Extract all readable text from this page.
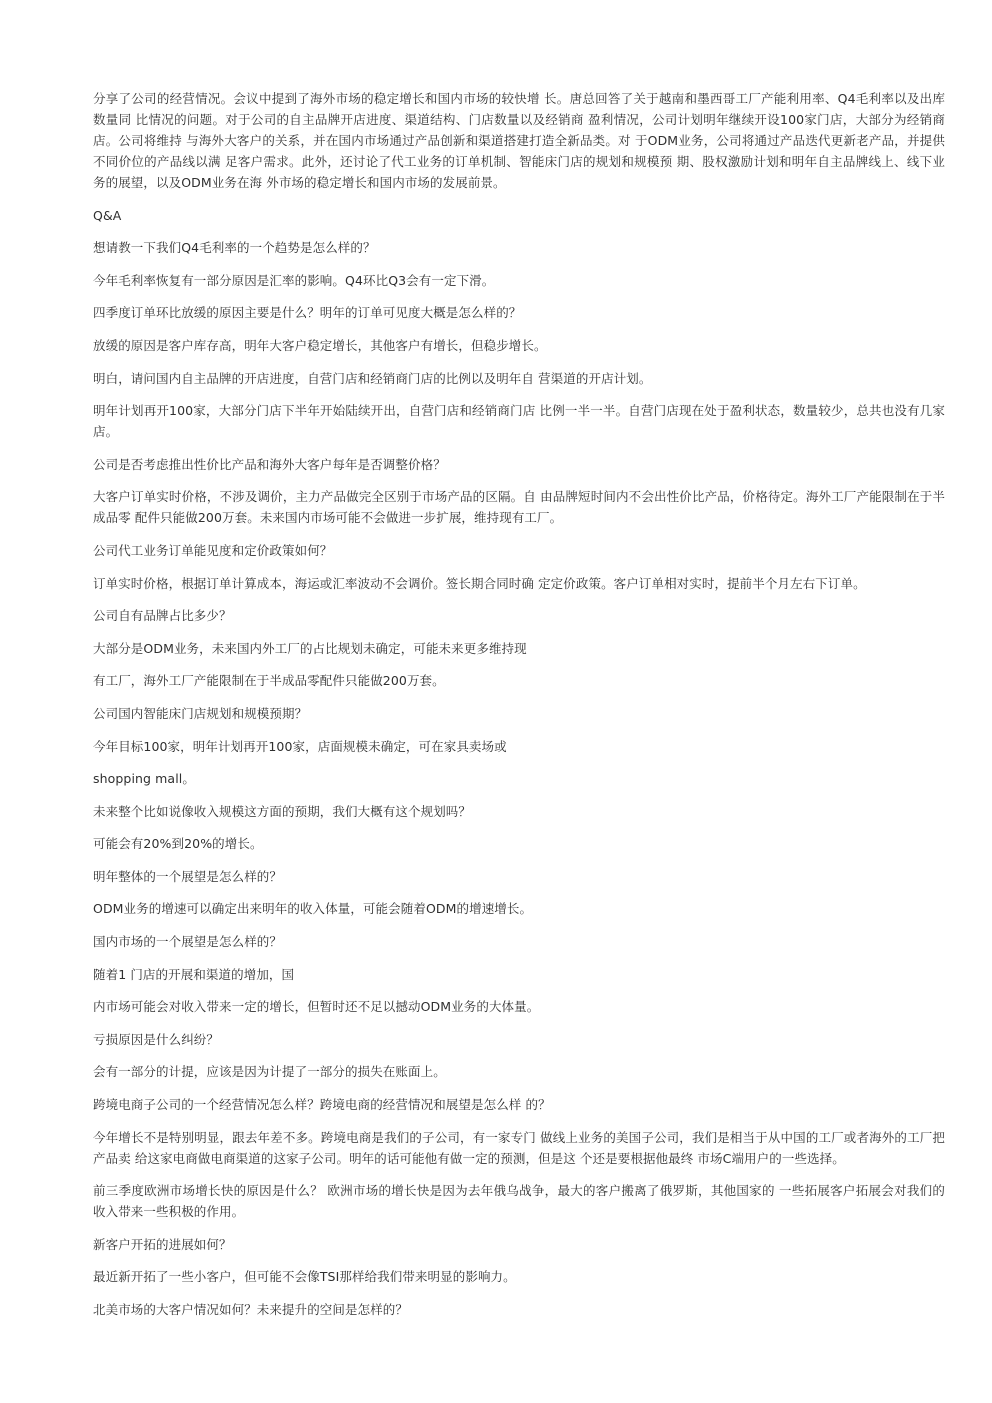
分享了公司的经营情况。会议中提到了海外市场的稳定增长和国内市场的较快增 长。唐总回答了关于越南和墨西哥工厂产能利用率、Q4毛利率以及出库数量同 比情况的问题。对于公司的自主品牌开店进度、渠道结构、门店数量以及经销商 盈利情况，公司计划明年继续开设100家门店，大部分为经销商店。公司将维持 与海外大客户的关系，并在国内市场通过产品创新和渠道搭建打造全新品类。对 于ODM业务，公司将通过产品迭代更新老产品，并提供不同价位的产品线以满 足客户需求。此外，还讨论了代工业务的订单机制、智能床门店的规划和规模预 期、股权激励计划和明年自主品牌线上、线下业务的展望，以及ODM业务在海 外市场的稳定增长和国内市场的发展前景。

Q&A

想请教一下我们Q4毛利率的一个趋势是怎么样的？

今年毛利率恢复有一部分原因是汇率的影响。Q4环比Q3会有一定下滑。

四季度订单环比放缓的原因主要是什么？明年的订单可见度大概是怎么样的？

放缓的原因是客户库存高，明年大客户稳定增长，其他客户有增长，但稳步增长。

明白，请问国内自主品牌的开店进度，自营门店和经销商门店的比例以及明年自 营渠道的开店计划。

明年计划再开100家，大部分门店下半年开始陆续开出，自营门店和经销商门店 比例一半一半。自营门店现在处于盈利状态，数量较少，总共也没有几家店。

公司是否考虑推出性价比产品和海外大客户每年是否调整价格？

大客户订单实时价格，不涉及调价，主力产品做完全区别于市场产品的区隔。自 由品牌短时间内不会出性价比产品，价格待定。海外工厂产能限制在于半成品零 配件只能做200万套。未来国内市场可能不会做进一步扩展，维持现有工厂。

公司代工业务订单能见度和定价政策如何？

订单实时价格，根据订单计算成本，海运或汇率波动不会调价。签长期合同时确 定定价政策。客户订单相对实时，提前半个月左右下订单。

公司自有品牌占比多少？

大部分是ODM业务，未来国内外工厂的占比规划未确定，可能未来更多维持现

有工厂，海外工厂产能限制在于半成品零配件只能做200万套。

公司国内智能床门店规划和规模预期？

今年目标100家，明年计划再开100家，店面规模未确定，可在家具卖场或

shopping mall。

未来整个比如说像收入规模这方面的预期，我们大概有这个规划吗？

可能会有20%到20%的增长。

明年整体的一个展望是怎么样的？

ODM业务的增速可以确定出来明年的收入体量，可能会随着ODM的增速增长。

国内市场的一个展望是怎么样的？

随着1 门店的开展和渠道的增加，国

内市场可能会对收入带来一定的增长，但暂时还不足以撼动ODM业务的大体量。

亏损原因是什么纠纷？

会有一部分的计提，应该是因为计提了一部分的损失在账面上。

跨境电商子公司的一个经营情况怎么样？跨境电商的经营情况和展望是怎么样 的？

今年增长不是特别明显，跟去年差不多。跨境电商是我们的子公司，有一家专门 做线上业务的美国子公司，我们是相当于从中国的工厂或者海外的工厂把产品卖 给这家电商做电商渠道的这家子公司。明年的话可能他有做一定的预测，但是这 个还是要根据他最终 市场C端用户的一些选择。

前三季度欧洲市场增长快的原因是什么？ 欧洲市场的增长快是因为去年俄乌战争，最大的客户搬离了俄罗斯，其他国家的 一些拓展客户拓展会对我们的收入带来一些积极的作用。

新客户开拓的进展如何？

最近新开拓了一些小客户，但可能不会像TSI那样给我们带来明显的影响力。

北美市场的大客户情况如何？未来提升的空间是怎样的？
